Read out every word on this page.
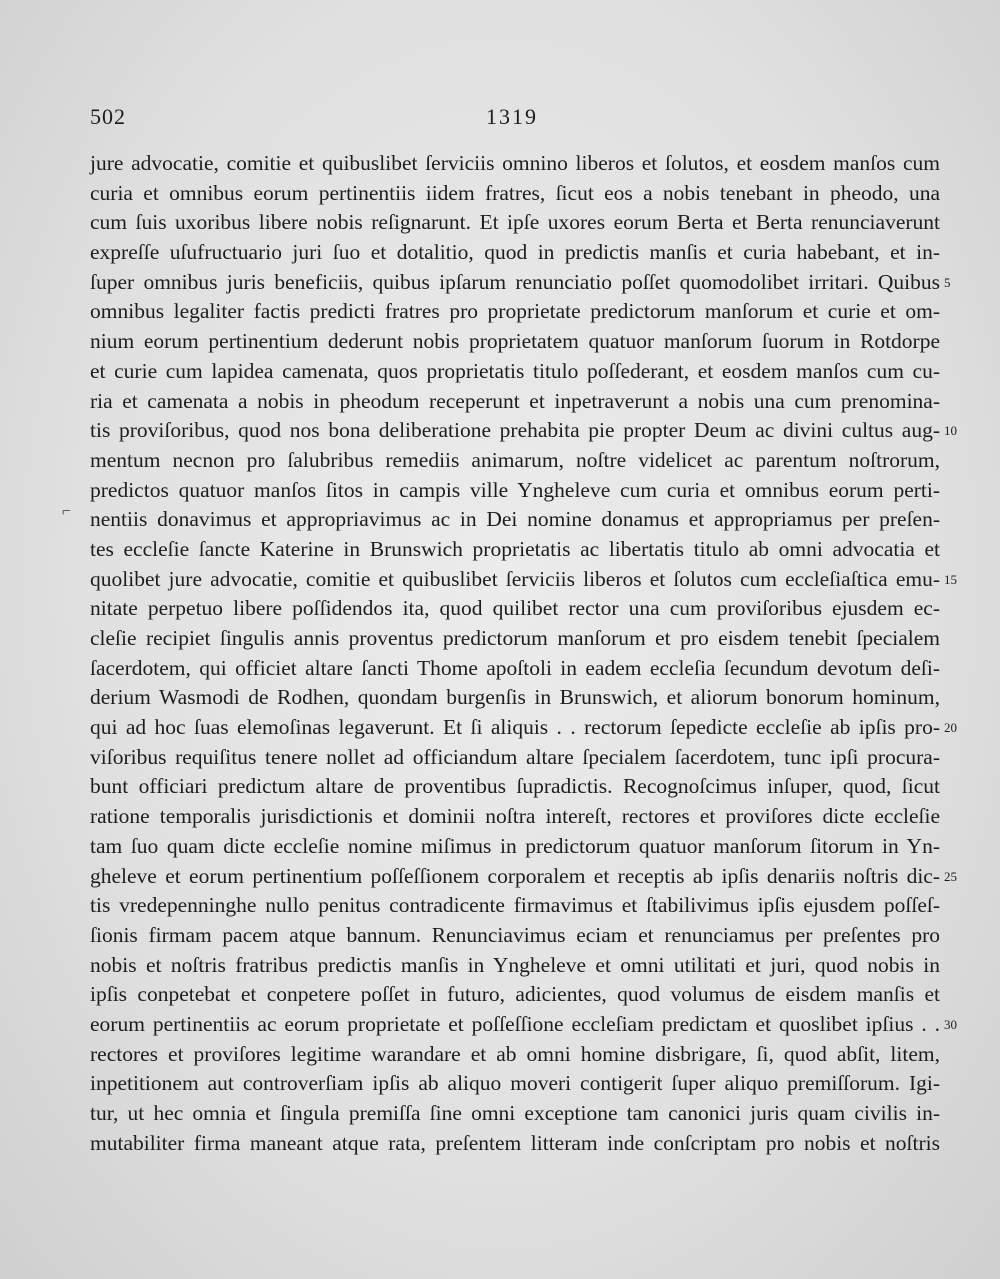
502	1319
jure advocatie, comitie et quibuslibet ſerviciis omnino liberos et ſolutos, et eosdem manſos cum
curia et omnibus eorum pertinentiis iidem fratres, ſicut eos a nobis tenebant in pheodo, una
cum ſuis uxoribus libere nobis reſignarunt. Et ipſe uxores eorum Berta et Berta renunciaverunt
expreſſe uſufructuario juri ſuo et dotalitio, quod in predictis manſis et curia habebant, et in-
ſuper omnibus juris beneficiis, quibus ipſarum renunciatio poſſet quomodolibet irritari. Quibus 5
omnibus legaliter factis predicti fratres pro proprietate predictorum manſorum et curie et om-
nium eorum pertinentium dederunt nobis proprietatem quatuor manſorum ſuorum in Rotdorpe
et curie cum lapidea camenata, quos proprietatis titulo poſſederant, et eosdem manſos cum cu-
ria et camenata a nobis in pheodum receperunt et inpetraverunt a nobis una cum prenomina-
tis proviſoribus, quod nos bona deliberatione prehabita pie propter Deum ac divini cultus aug- 10
mentum necnon pro ſalubribus remediis animarum, noſtre videlicet ac parentum noſtrorum,
predictos quatuor manſos ſitos in campis ville Yngheleve cum curia et omnibus eorum perti-
nentiis donavimus et appropriavimus ac in Dei nomine donamus et appropriamus per preſen-
tes eccleſie ſancte Katerine in Brunswich proprietatis ac libertatis titulo ab omni advocatia et
quolibet jure advocatie, comitie et quibuslibet ſerviciis liberos et ſolutos cum eccleſiaſtica emu- 15
nitate perpetuo libere poſſidendos ita, quod quilibet rector una cum proviſoribus ejusdem ec-
cleſie recipiet ſingulis annis proventus predictorum manſorum et pro eisdem tenebit ſpecialem
ſacerdotem, qui officiet altare ſancti Thome apoſtoli in eadem eccleſia ſecundum devotum deſi-
derium Wasmodi de Rodhen, quondam burgenſis in Brunswich, et aliorum bonorum hominum,
qui ad hoc ſuas elemoſinas legaverunt. Et ſi aliquis . . rectorum ſepedicte eccleſie ab ipſis pro- 20
viſoribus requiſitus tenere nollet ad officiandum altare ſpecialem ſacerdotem, tunc ipſi procura-
bunt officiari predictum altare de proventibus ſupradictis. Recognoſcimus inſuper, quod, ſicut
ratione temporalis jurisdictionis et dominii noſtra intereſt, rectores et proviſores dicte eccleſie
tam ſuo quam dicte eccleſie nomine miſimus in predictorum quatuor manſorum ſitorum in Yn-
gheleve et eorum pertinentium poſſeſſionem corporalem et receptis ab ipſis denariis noſtris dic- 25
tis vredepenninghe nullo penitus contradicente firmavimus et ſtabilivimus ipſis ejusdem poſſeſ-
ſionis firmam pacem atque bannum. Renunciavimus eciam et renunciamus per preſentes pro
nobis et noſtris fratribus predictis manſis in Yngheleve et omni utilitati et juri, quod nobis in
ipſis conpetebat et conpetere poſſet in futuro, adicientes, quod volumus de eisdem manſis et
eorum pertinentiis ac eorum proprietate et poſſeſſione eccleſiam predictam et quoslibet ipſius . . 30
rectores et proviſores legitime warandare et ab omni homine disbrigare, ſi, quod abſit, litem,
inpetitionem aut controverſiam ipſis ab aliquo moveri contigerit ſuper aliquo premiſſorum. Igi-
tur, ut hec omnia et ſingula premiſſa ſine omni exceptione tam canonici juris quam civilis in-
mutabiliter firma maneant atque rata, preſentem litteram inde conſcriptam pro nobis et noſtris
⌐
